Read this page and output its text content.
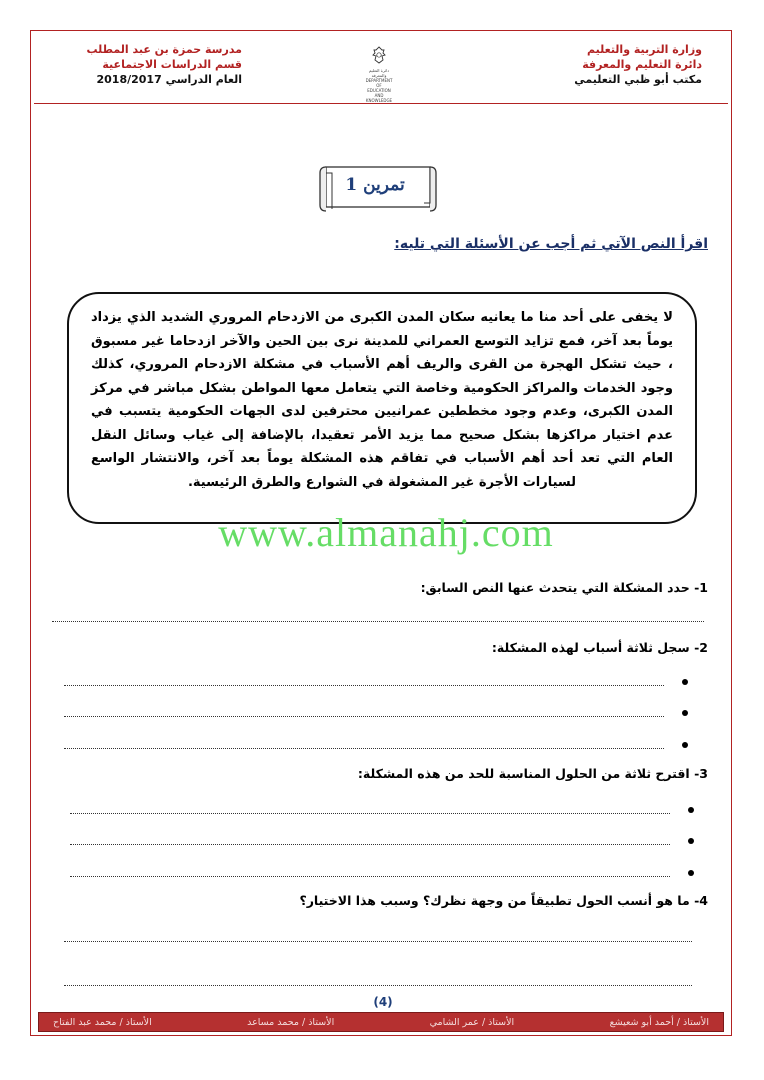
وزارة التربية والتعليم
دائرة التعليم والمعرفة
مكتب أبو ظبي التعليمي
دائرة التعليم والمعرفة
DEPARTMENT OF EDUCATION
AND KNOWLEDGE
مدرسة حمزة بن عبد المطلب
قسم الدراسات الاجتماعية
العام الدراسي 2018/2017
تمرين 1
اقرأ النص الآتي ثم أجب عن الأسئلة التي تليه:
لا يخفى على أحد منا ما يعانيه سكان المدن الكبرى من الازدحام المروري الشديد الذي يزداد يوماً بعد آخر، فمع تزايد التوسع العمراني للمدينة نرى بين الحين والآخر ازدحاما غير مسبوق ، حيث تشكل الهجرة من القرى والريف أهم الأسباب في مشكلة الازدحام المروري، كذلك وجود الخدمات والمراكز الحكومية وخاصة التي يتعامل معها المواطن بشكل مباشر في مركز المدن الكبرى، وعدم وجود مخططين عمرانيين محترفين لدى الجهات الحكومية يتسبب في عدم اختيار مراكزها بشكل صحيح مما يزيد الأمر تعقيدا، بالإضافة إلى غياب وسائل النقل العام التي تعد أحد أهم الأسباب في تفاقم هذه المشكلة يوماً بعد آخر، والانتشار الواسع لسيارات الأجرة غير المشغولة في الشوارع والطرق الرئيسية.
www.almanahj.com
1- حدد المشكلة التي يتحدث عنها النص السابق:
2- سجل ثلاثة أسباب لهذه المشكلة:
3- اقترح ثلاثة من الحلول المناسبة للحد من هذه المشكلة:
4- ما هو أنسب الحول تطبيقاً من وجهة نظرك؟ وسبب هذا الاختيار؟
(4)
الأستاذ / أحمد أبو شعيشع
الأستاذ / عمر الشامي
الأستاذ / محمد مساعد
الأستاذ / محمد عبد الفتاح
